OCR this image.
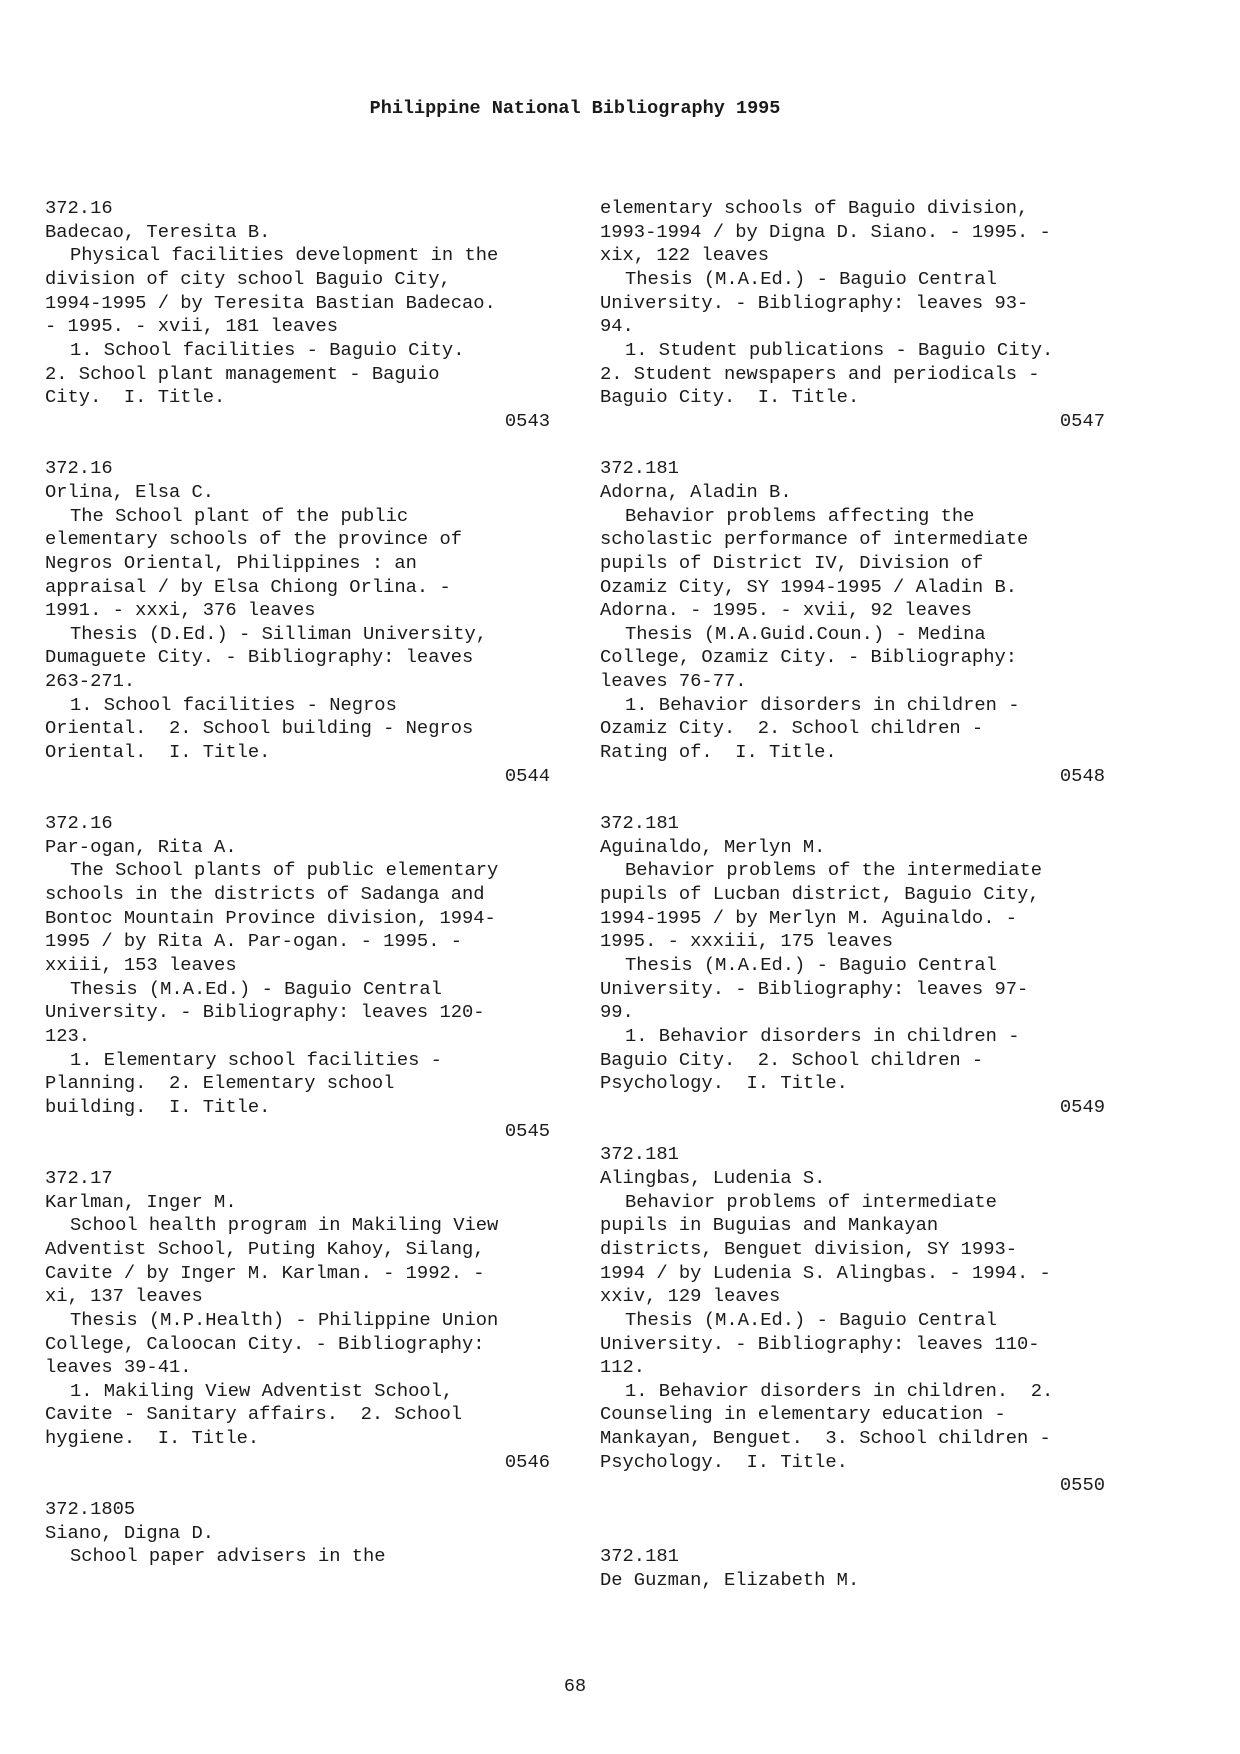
Philippine National Bibliography 1995
372.16
Badecao, Teresita B.
Physical facilities development in the
division of city school Baguio City,
1994-1995 / by Teresita Bastian Badecao.
- 1995. - xvii, 181 leaves
1. School facilities - Baguio City.
2. School plant management - Baguio
City.  I. Title.
0543
372.16
Orlina, Elsa C.
The School plant of the public
elementary schools of the province of
Negros Oriental, Philippines : an
appraisal / by Elsa Chiong Orlina. -
1991. - xxxi, 376 leaves
Thesis (D.Ed.) - Silliman University,
Dumaguete City. - Bibliography: leaves
263-271.
1. School facilities - Negros
Oriental.  2. School building - Negros
Oriental.  I. Title.
0544
372.16
Par-ogan, Rita A.
The School plants of public elementary
schools in the districts of Sadanga and
Bontoc Mountain Province division, 1994-
1995 / by Rita A. Par-ogan. - 1995. -
xxiii, 153 leaves
Thesis (M.A.Ed.) - Baguio Central
University. - Bibliography: leaves 120-
123.
1. Elementary school facilities -
Planning.  2. Elementary school
building.  I. Title.
0545
372.17
Karlman, Inger M.
School health program in Makiling View
Adventist School, Puting Kahoy, Silang,
Cavite / by Inger M. Karlman. - 1992. -
xi, 137 leaves
Thesis (M.P.Health) - Philippine Union
College, Caloocan City. - Bibliography:
leaves 39-41.
1. Makiling View Adventist School,
Cavite - Sanitary affairs.  2. School
hygiene.  I. Title.
0546
372.1805
Siano, Digna D.
School paper advisers in the
elementary schools of Baguio division,
1993-1994 / by Digna D. Siano. - 1995. -
xix, 122 leaves
Thesis (M.A.Ed.) - Baguio Central
University. - Bibliography: leaves 93-
94.
1. Student publications - Baguio City.
2. Student newspapers and periodicals -
Baguio City.  I. Title.
0547
372.181
Adorna, Aladin B.
Behavior problems affecting the
scholastic performance of intermediate
pupils of District IV, Division of
Ozamiz City, SY 1994-1995 / Aladin B.
Adorna. - 1995. - xvii, 92 leaves
Thesis (M.A.Guid.Coun.) - Medina
College, Ozamiz City. - Bibliography:
leaves 76-77.
1. Behavior disorders in children -
Ozamiz City.  2. School children -
Rating of.  I. Title.
0548
372.181
Aguinaldo, Merlyn M.
Behavior problems of the intermediate
pupils of Lucban district, Baguio City,
1994-1995 / by Merlyn M. Aguinaldo. -
1995. - xxxiii, 175 leaves
Thesis (M.A.Ed.) - Baguio Central
University. - Bibliography: leaves 97-
99.
1. Behavior disorders in children -
Baguio City.  2. School children -
Psychology.  I. Title.
0549
372.181
Alingbas, Ludenia S.
Behavior problems of intermediate
pupils in Buguias and Mankayan
districts, Benguet division, SY 1993-
1994 / by Ludenia S. Alingbas. - 1994. -
xxiv, 129 leaves
Thesis (M.A.Ed.) - Baguio Central
University. - Bibliography: leaves 110-
112.
1. Behavior disorders in children.  2.
Counseling in elementary education -
Mankayan, Benguet.  3. School children -
Psychology.  I. Title.
0550
372.181
De Guzman, Elizabeth M.
68
